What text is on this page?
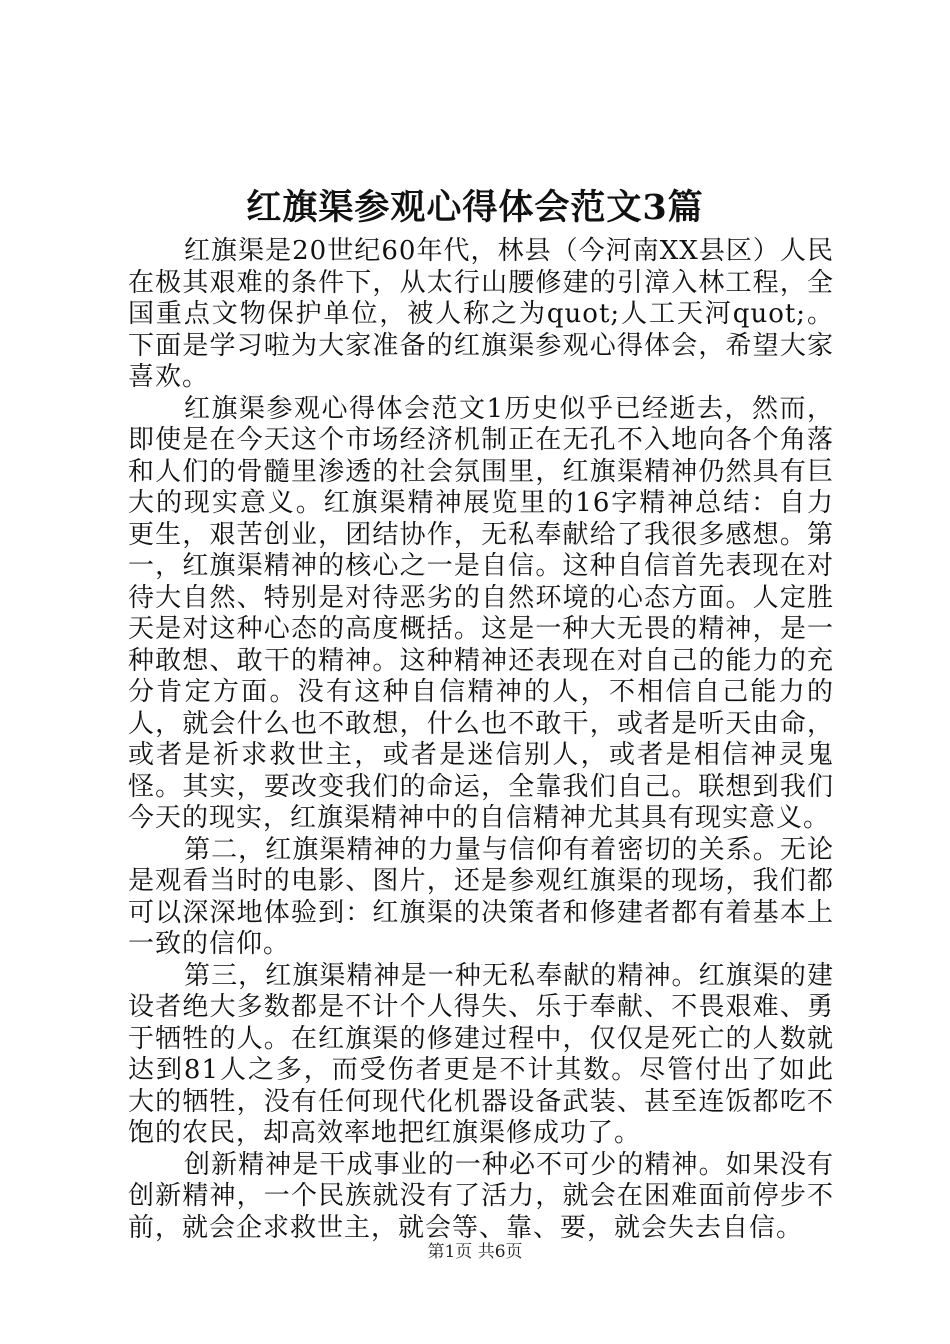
红旗渠参观心得体会范文3篇

红旗渠是20世纪60年代，林县（今河南XX县区）人民在极其艰难的条件下，从太行山腰修建的引漳入林工程，全国重点文物保护单位，被人称之为quot;人工天河quot;。下面是学习啦为大家准备的红旗渠参观心得体会，希望大家喜欢。

红旗渠参观心得体会范文1历史似乎已经逝去，然而，即使是在今天这个市场经济机制正在无孔不入地向各个角落和人们的骨髓里渗透的社会氛围里，红旗渠精神仍然具有巨大的现实意义。红旗渠精神展览里的16字精神总结：自力更生，艰苦创业，团结协作，无私奉献给了我很多感想。第一，红旗渠精神的核心之一是自信。这种自信首先表现在对待大自然、特别是对待恶劣的自然环境的心态方面。人定胜天是对这种心态的高度概括。这是一种大无畏的精神，是一种敢想、敢干的精神。这种精神还表现在对自己的能力的充分肯定方面。没有这种自信精神的人，不相信自己能力的人，就会什么也不敢想，什么也不敢干，或者是听天由命，或者是祈求救世主，或者是迷信别人，或者是相信神灵鬼怪。其实，要改变我们的命运，全靠我们自己。联想到我们今天的现实，红旗渠精神中的自信精神尤其具有现实意义。

第二，红旗渠精神的力量与信仰有着密切的关系。无论是观看当时的电影、图片，还是参观红旗渠的现场，我们都可以深深地体验到：红旗渠的决策者和修建者都有着基本上一致的信仰。

第三，红旗渠精神是一种无私奉献的精神。红旗渠的建设者绝大多数都是不计个人得失、乐于奉献、不畏艰难、勇于牺牲的人。在红旗渠的修建过程中，仅仅是死亡的人数就达到81人之多，而受伤者更是不计其数。尽管付出了如此大的牺牲，没有任何现代化机器设备武装、甚至连饭都吃不饱的农民，却高效率地把红旗渠修成功了。

创新精神是干成事业的一种必不可少的精神。如果没有创新精神，一个民族就没有了活力，就会在困难面前停步不前，就会企求救世主，就会等、靠、要，就会失去自信。

第1页 共6页
